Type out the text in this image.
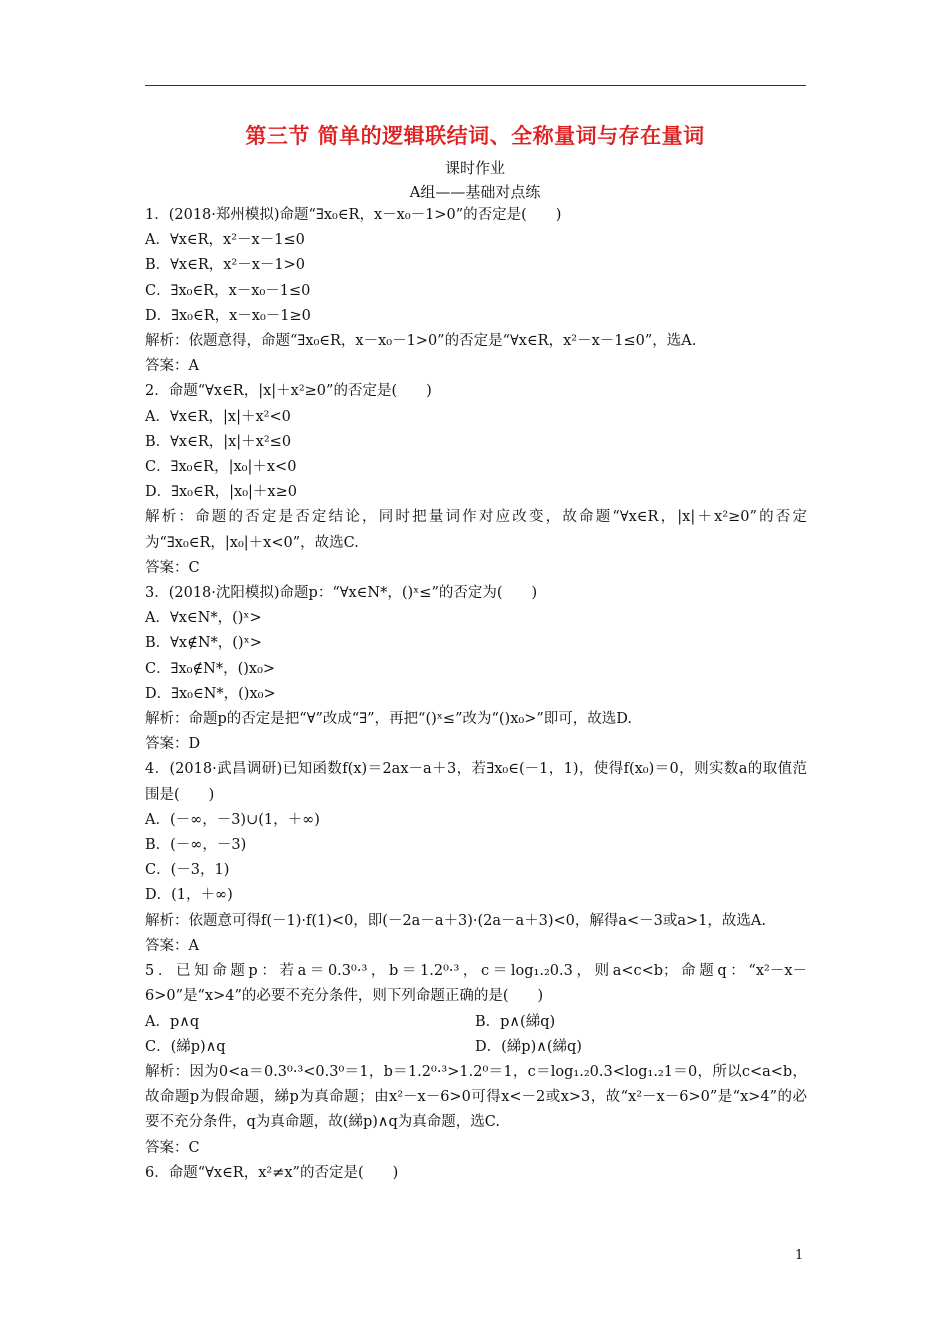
第三节 简单的逻辑联结词、全称量词与存在量词
课时作业
A组——基础对点练
1．(2018·郑州模拟)命题“∃x₀∈R，x－x₀－1>0”的否定是(　　)
A．∀x∈R，x²－x－1≤0
B．∀x∈R，x²－x－1>0
C．∃x₀∈R，x－x₀－1≤0
D．∃x₀∈R，x－x₀－1≥0
解析：依题意得，命题“∃x₀∈R，x－x₀－1>0”的否定是“∀x∈R，x²－x－1≤0”，选A.
答案：A
2．命题“∀x∈R，|x|＋x²≥0”的否定是(　　)
A．∀x∈R，|x|＋x²<0
B．∀x∈R，|x|＋x²≤0
C．∃x₀∈R，|x₀|＋x<0
D．∃x₀∈R，|x₀|＋x≥0
解析：命题的否定是否定结论，同时把量词作对应改变，故命题“∀x∈R，|x|＋x²≥0”的否定为“∃x₀∈R，|x₀|＋x<0”，故选C.
答案：C
3．(2018·沈阳模拟)命题p：“∀x∈N*，()ˣ≤”的否定为(　　)
A．∀x∈N*，()ˣ>
B．∀x∉N*，()ˣ>
C．∃x₀∉N*，()x₀>
D．∃x₀∈N*，()x₀>
解析：命题p的否定是把“∀”改成“∃”，再把“()ˣ≤”改为“()x₀>”即可，故选D.
答案：D
4．(2018·武昌调研)已知函数f(x)＝2ax－a＋3，若∃x₀∈(－1，1)，使得f(x₀)＝0，则实数a的取值范围是(　　)
A．(－∞，－3)∪(1，＋∞)
B．(－∞，－3)
C．(－3，1)
D．(1，＋∞)
解析：依题意可得f(－1)·f(1)<0，即(－2a－a＋3)·(2a－a＋3)<0，解得a<－3或a>1，故选A.
答案：A
5．已知命题p：若a＝0.3⁰·³，b＝1.2⁰·³，c＝log₁.₂0.3，则a<c<b；命题q：“x²－x－6>0”是“x>4”的必要不充分条件，则下列命题正确的是(　　)
A．p∧q	B．p∧(綈q)
C．(綈p)∧q	D．(綈p)∧(綈q)
解析：因为0<a＝0.3⁰·³<0.3⁰＝1，b＝1.2⁰·³>1.2⁰＝1，c＝log₁.₂0.3<log₁.₂1＝0，所以c<a<b，故命题p为假命题，綈p为真命题；由x²－x－6>0可得x<－2或x>3，故“x²－x－6>0”是“x>4”的必要不充分条件，q为真命题，故(綈p)∧q为真命题，选C.
答案：C
6．命题“∀x∈R，x²≠x”的否定是(　　)
1
